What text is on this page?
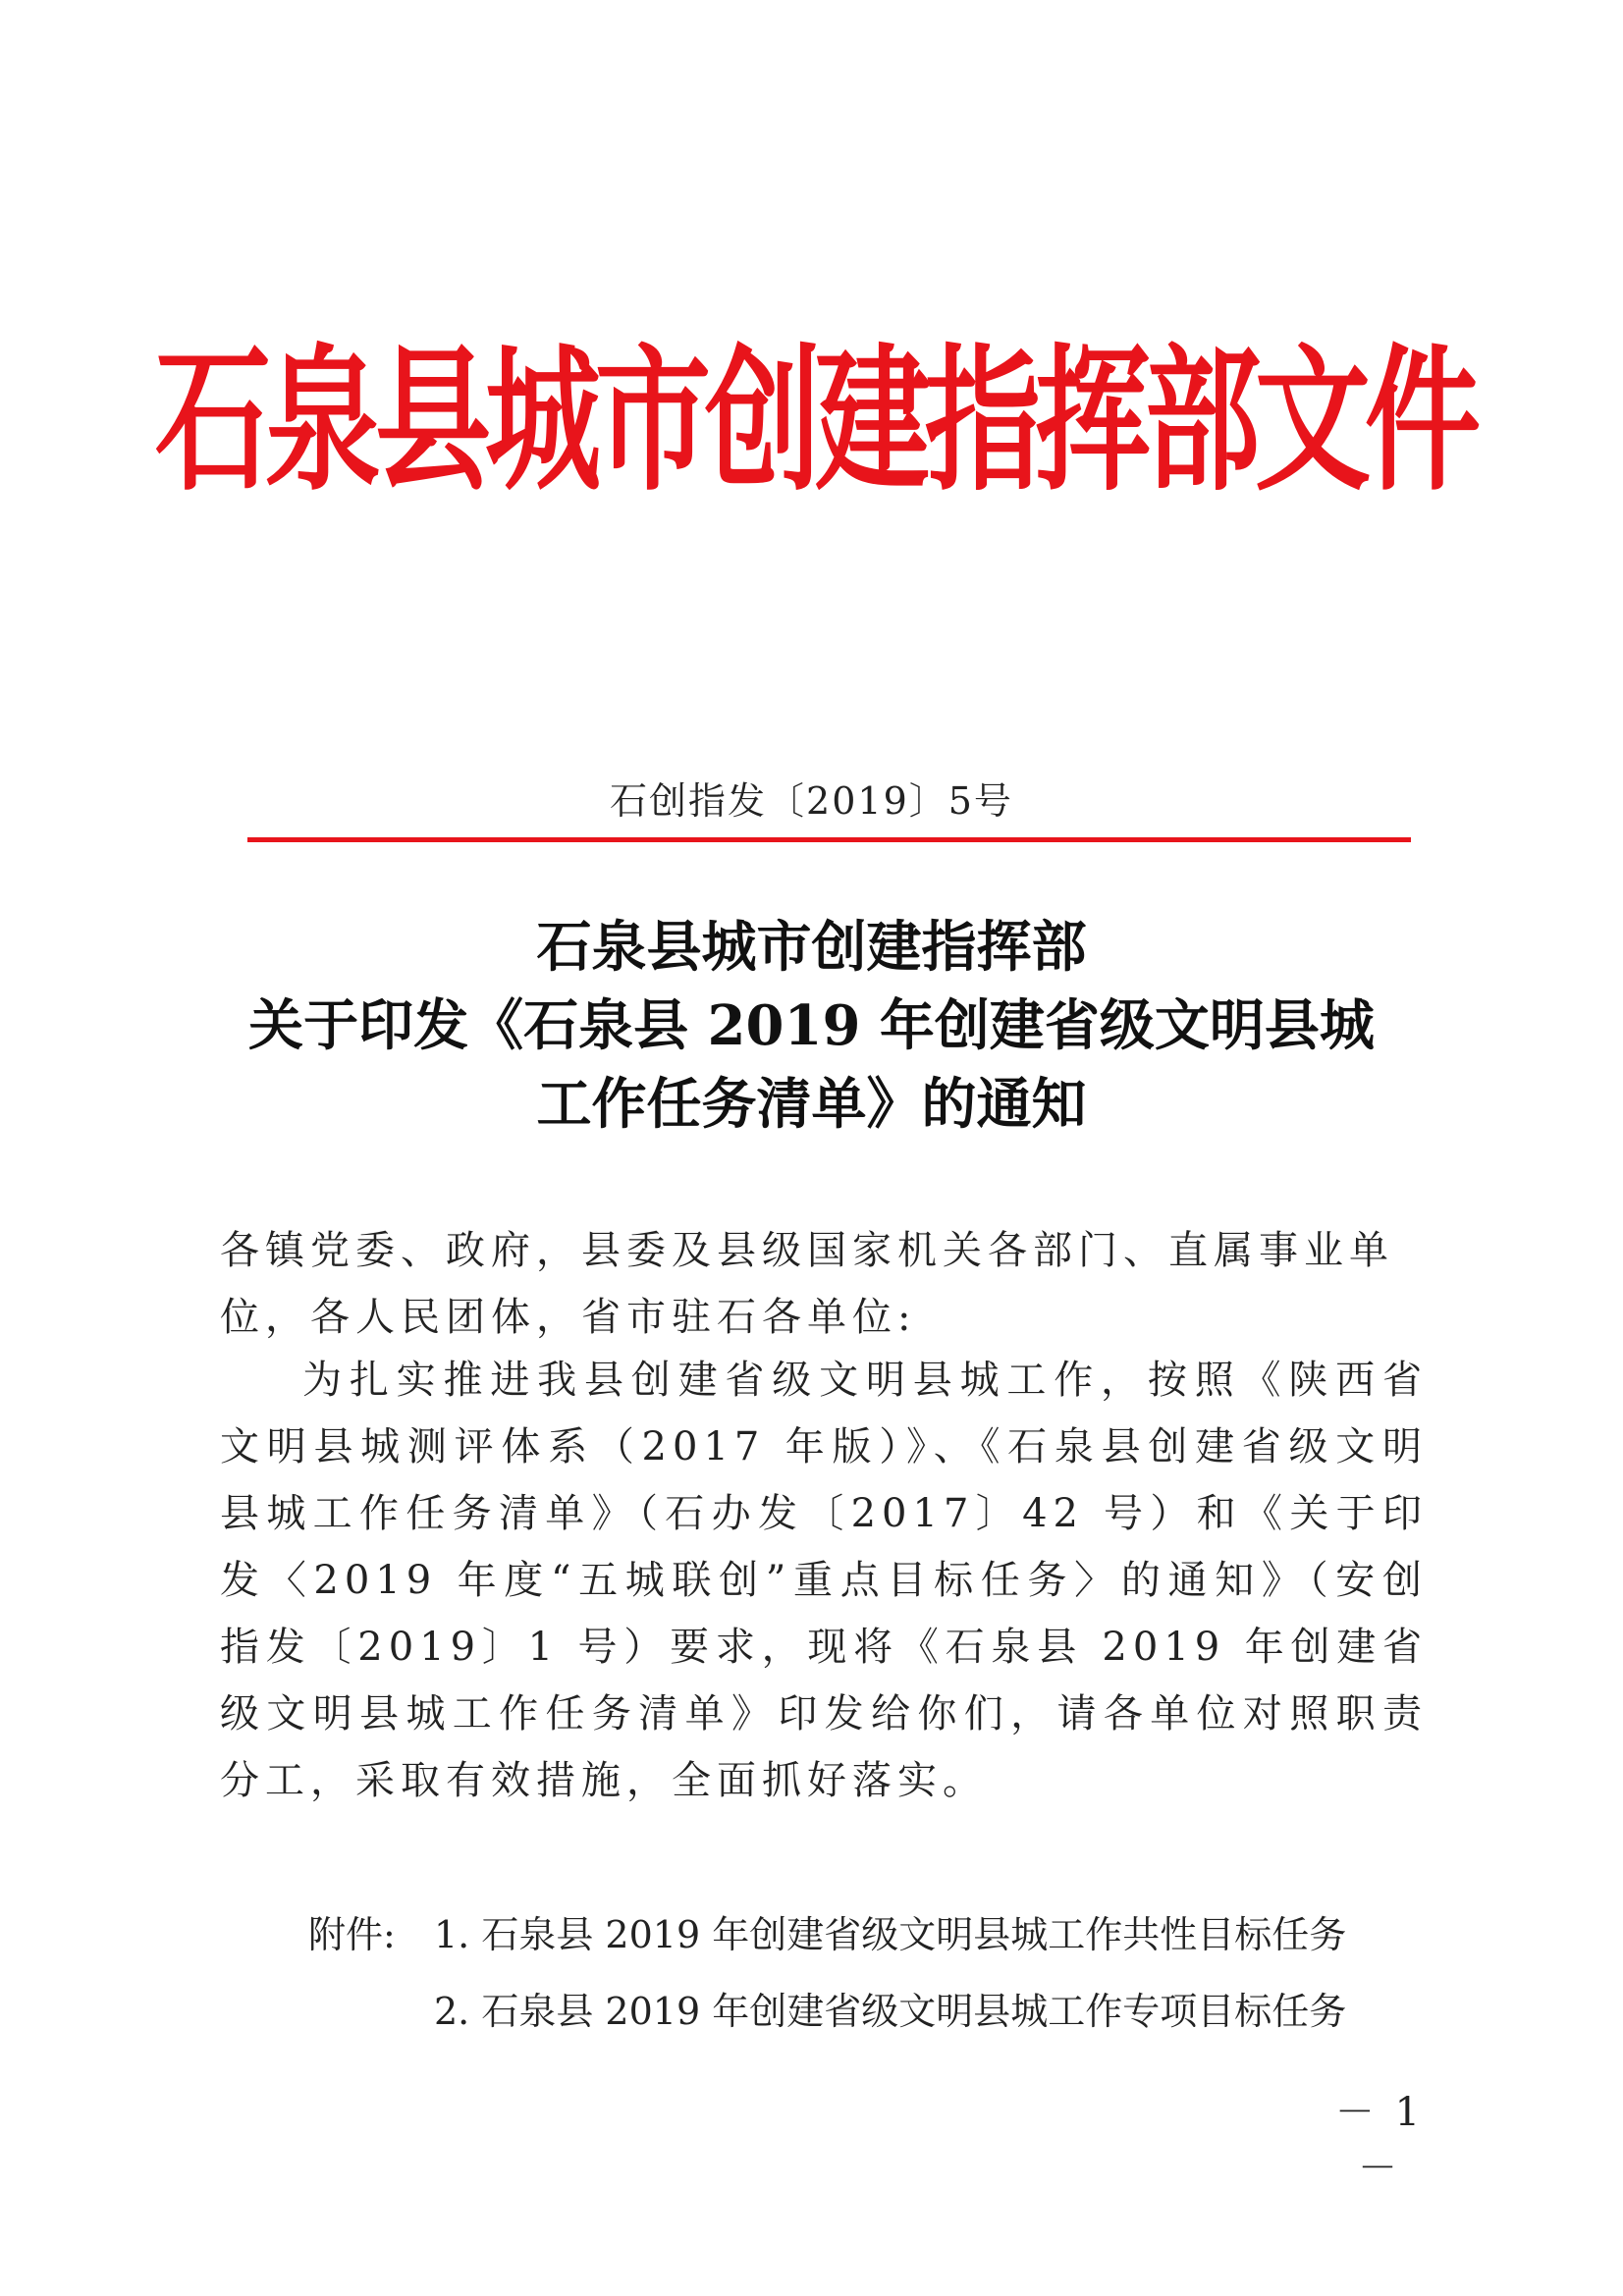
石泉县城市创建指挥部文件
石创指发〔2019〕5号
石泉县城市创建指挥部
关于印发《石泉县 2019 年创建省级文明县城
工作任务清单》的通知
各镇党委、政府，县委及县级国家机关各部门、直属事业单位，各人民团体，省市驻石各单位:
为扎实推进我县创建省级文明县城工作，按照《陕西省文明县城测评体系（2017 年版）》、《石泉县创建省级文明县城工作任务清单》（石办发〔2017〕42 号）和《关于印发〈2019 年度“五城联创”重点目标任务〉的通知》（安创指发〔2019〕1 号）要求，现将《石泉县 2019 年创建省级文明县城工作任务清单》印发给你们，请各单位对照职责分工，采取有效措施，全面抓好落实。
附件: 1. 石泉县 2019 年创建省级文明县城工作共性目标任务
2. 石泉县 2019 年创建省级文明县城工作专项目标任务
－ 1 －
